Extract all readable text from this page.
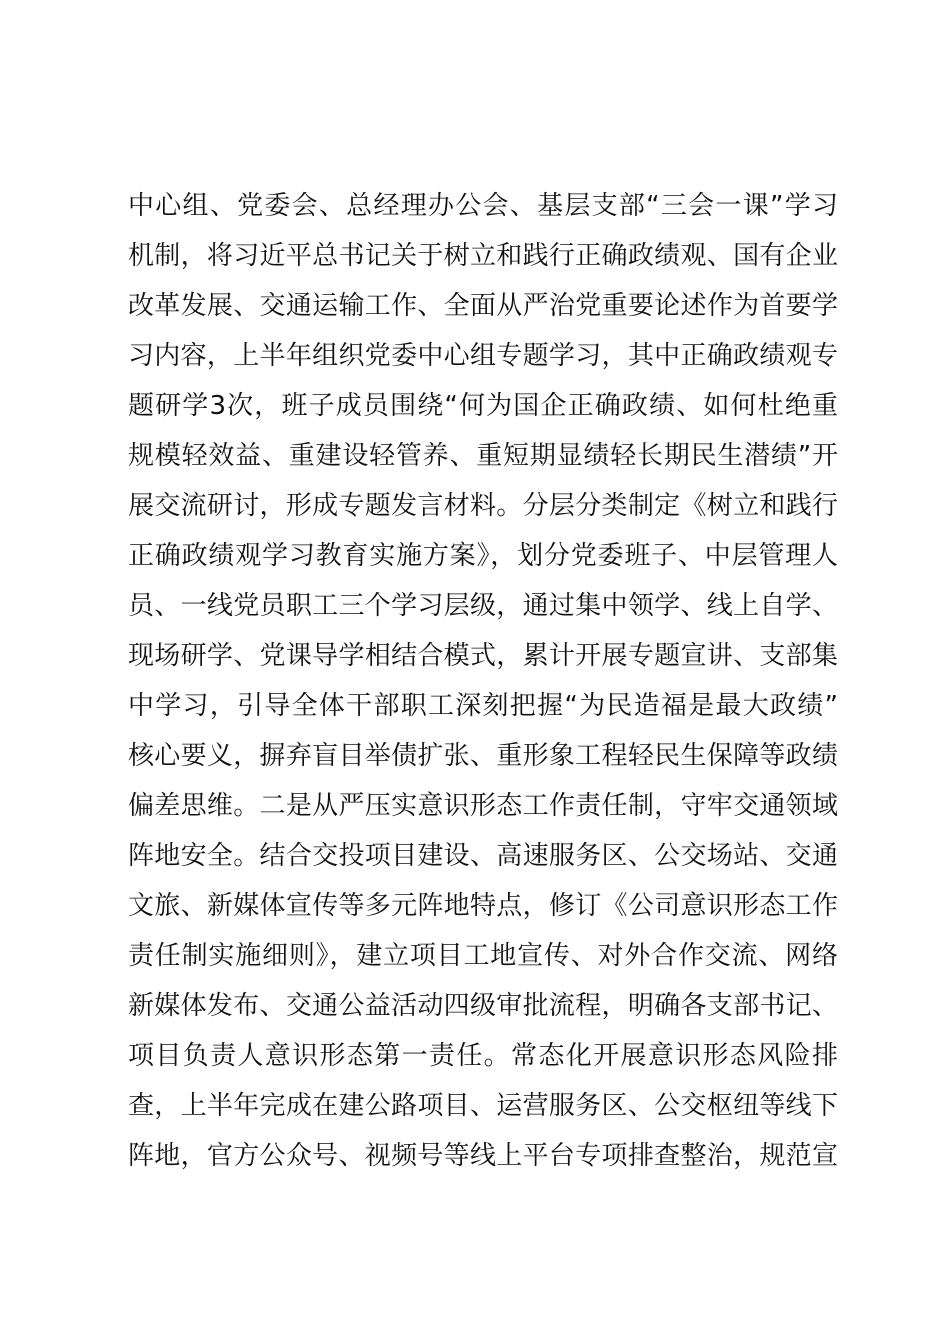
中心组、党委会、总经理办公会、基层支部“三会一课”学习
机制，将习近平总书记关于树立和践行正确政绩观、国有企业
改革发展、交通运输工作、全面从严治党重要论述作为首要学
习内容，上半年组织党委中心组专题学习，其中正确政绩观专
题研学3次，班子成员围绕“何为国企正确政绩、如何杜绝重
规模轻效益、重建设轻管养、重短期显绩轻长期民生潜绩”开
展交流研讨，形成专题发言材料。分层分类制定《树立和践行
正确政绩观学习教育实施方案》，划分党委班子、中层管理人
员、一线党员职工三个学习层级，通过集中领学、线上自学、
现场研学、党课导学相结合模式，累计开展专题宣讲、支部集
中学习，引导全体干部职工深刻把握“为民造福是最大政绩”
核心要义，摒弃盲目举债扩张、重形象工程轻民生保障等政绩
偏差思维。二是从严压实意识形态工作责任制，守牢交通领域
阵地安全。结合交投项目建设、高速服务区、公交场站、交通
文旅、新媒体宣传等多元阵地特点，修订《公司意识形态工作
责任制实施细则》，建立项目工地宣传、对外合作交流、网络
新媒体发布、交通公益活动四级审批流程，明确各支部书记、
项目负责人意识形态第一责任。常态化开展意识形态风险排
查，上半年完成在建公路项目、运营服务区、公交枢纽等线下
阵地，官方公众号、视频号等线上平台专项排查整治，规范宣
